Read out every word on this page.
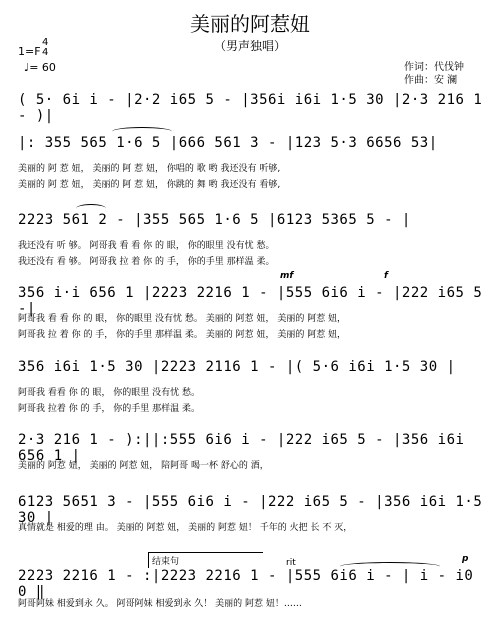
美丽的阿惹妞
（男声独唱）
1=F
4
4
♩= 60	作词：代伐钟
作曲：安 澜
( 5· 6i i - |2·2 i65 5 - |356i i6i 1·5 30 |2·3 216 1 - )|
|: 355 565 1·6 5 |666 561 3 - |123 5·3 6656 53|
美丽的 阿 惹 妞， 美丽的 阿 惹 妞， 你唱的 歌 哟 我还没有 听够,
美丽的 阿 惹 妞， 美丽的 阿 惹 妞， 你跳的 舞 哟 我还没有 看够,
2223 561 2 - |355 565 1·6 5 |6123 5365 5 - |
我还没有 听 够。 阿哥我 看 看 你 的 眼， 你的眼里 没有忧 愁。
我还没有 看 够。 阿哥我 拉 着 你 的 手， 你的手里 那样温 柔。
mf	f
356 i·i 656 1 |2223 2216 1 - |555 6i6 i - |222 i65 5 -|
阿哥我 看 看 你 的 眼， 你的眼里 没有忧 愁。 美丽的 阿惹 妞， 美丽的 阿惹 妞，
阿哥我 拉 着 你 的 手， 你的手里 那样温 柔。 美丽的 阿惹 妞， 美丽的 阿惹 妞，
356 i6i 1·5 30 |2223 2116 1 - |( 5·6 i6i 1·5 30 |
阿哥我 看看 你 的 眼， 你的眼里 没有忧 愁。
阿哥我 拉着 你 的 手， 你的手里 那样温 柔。
2·3 216 1 - ):||:555 6i6 i - |222 i65 5 - |356 i6i 656 1 |
美丽的 阿惹 妞， 美丽的 阿惹 妞， 陪阿哥 喝一杯 舒心的 酒，
6123 5651 3 - |555 6i6 i - |222 i65 5 - |356 i6i 1·5 30 |
真情就是 相爱的理 由。 美丽的 阿惹 妞， 美丽的 阿惹 妞！ 千年的 火把 长 不 灭，
结束句	rit	p
2223 2216 1 - :|2223 2216 1 - |555 6i6 i - | i - i0 0 ‖
阿哥阿妹 相爱到永 久。 阿哥阿妹 相爱到永 久！ 美丽的 阿惹 妞！……
